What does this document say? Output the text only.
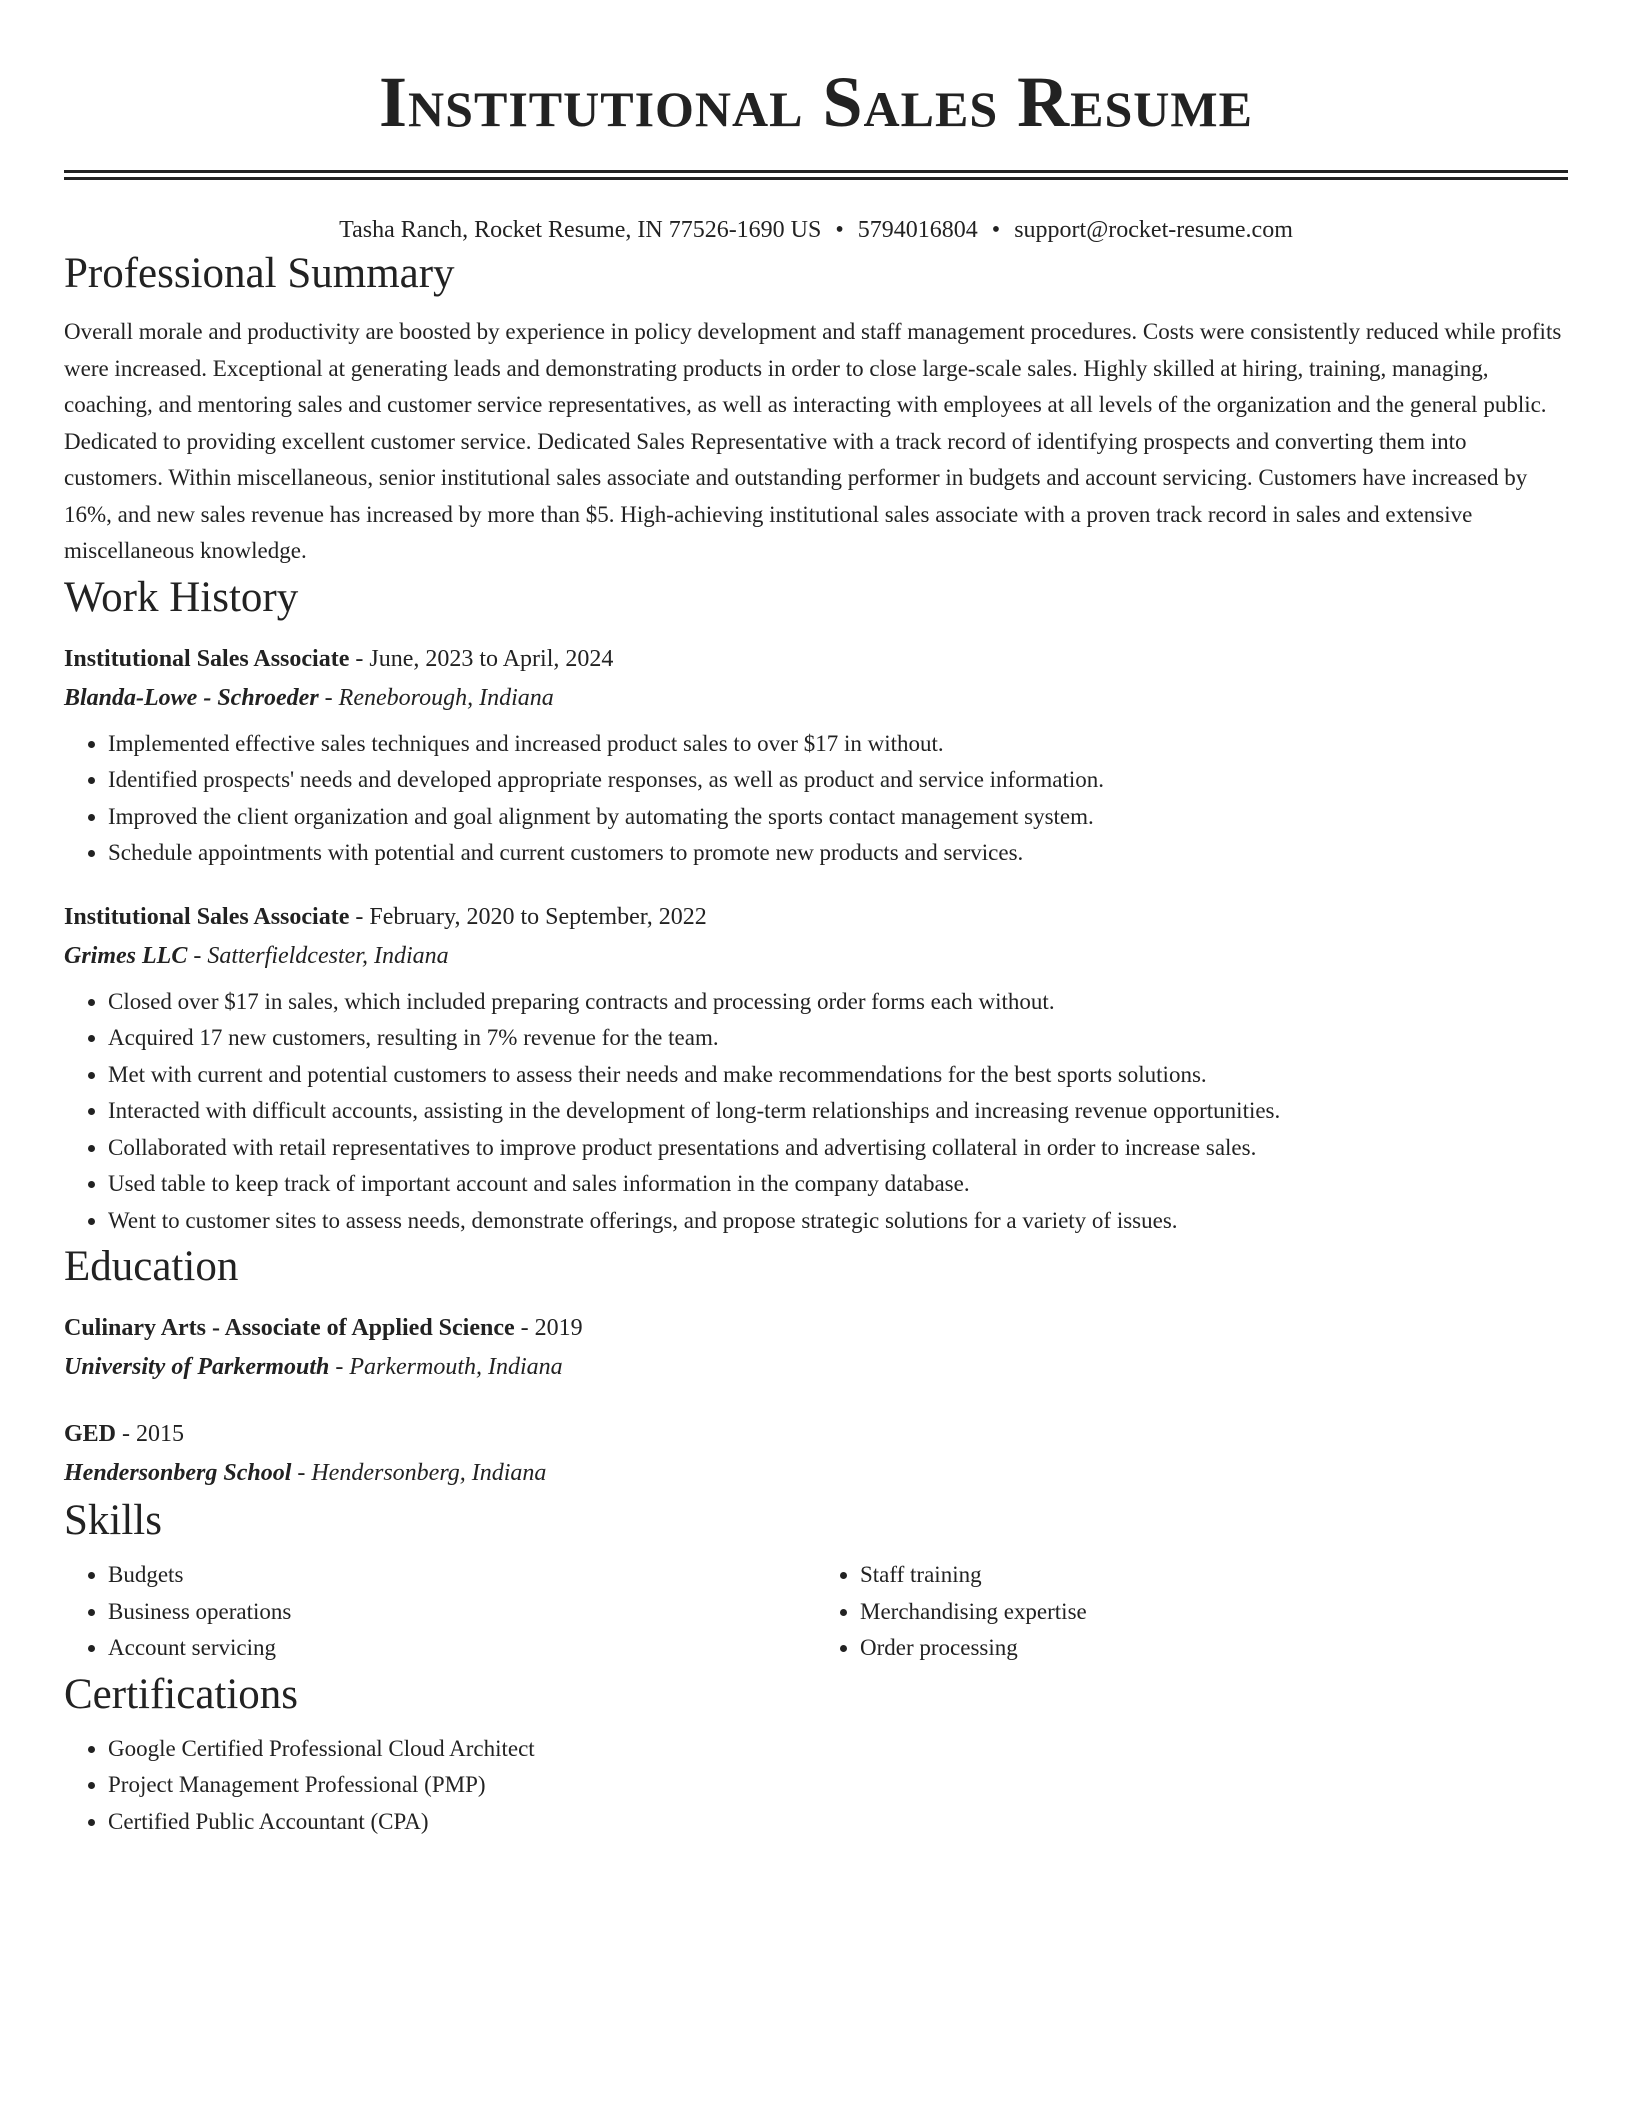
Institutional Sales Resume
Tasha Ranch, Rocket Resume, IN 77526-1690 US • 5794016804 • support@rocket-resume.com
Professional Summary

Overall morale and productivity are boosted by experience in policy development and staff management procedures. Costs were consistently reduced while profits were increased. Exceptional at generating leads and demonstrating products in order to close large-scale sales. Highly skilled at hiring, training, managing, coaching, and mentoring sales and customer service representatives, as well as interacting with employees at all levels of the organization and the general public. Dedicated to providing excellent customer service. Dedicated Sales Representative with a track record of identifying prospects and converting them into customers. Within miscellaneous, senior institutional sales associate and outstanding performer in budgets and account servicing. Customers have increased by 16%, and new sales revenue has increased by more than $5. High-achieving institutional sales associate with a proven track record in sales and extensive miscellaneous knowledge.

Work History
Institutional Sales Associate - June, 2023 to April, 2024
Blanda-Lowe - Schroeder - Reneborough, Indiana
• Implemented effective sales techniques and increased product sales to over $17 in without.
• Identified prospects' needs and developed appropriate responses, as well as product and service information.
• Improved the client organization and goal alignment by automating the sports contact management system.
• Schedule appointments with potential and current customers to promote new products and services.
Institutional Sales Associate - February, 2020 to September, 2022
Grimes LLC - Satterfieldcester, Indiana
• Closed over $17 in sales, which included preparing contracts and processing order forms each without.
• Acquired 17 new customers, resulting in 7% revenue for the team.
• Met with current and potential customers to assess their needs and make recommendations for the best sports solutions.
• Interacted with difficult accounts, assisting in the development of long-term relationships and increasing revenue opportunities.
• Collaborated with retail representatives to improve product presentations and advertising collateral in order to increase sales.
• Used table to keep track of important account and sales information in the company database.
• Went to customer sites to assess needs, demonstrate offerings, and propose strategic solutions for a variety of issues.
Education
Culinary Arts - Associate of Applied Science - 2019
University of Parkermouth - Parkermouth, Indiana
GED - 2015
Hendersonberg School - Hendersonberg, Indiana
Skills
• Budgets
• Business operations
• Account servicing
• Staff training
• Merchandising expertise
• Order processing
Certifications
• Google Certified Professional Cloud Architect
• Project Management Professional (PMP)
• Certified Public Accountant (CPA)
